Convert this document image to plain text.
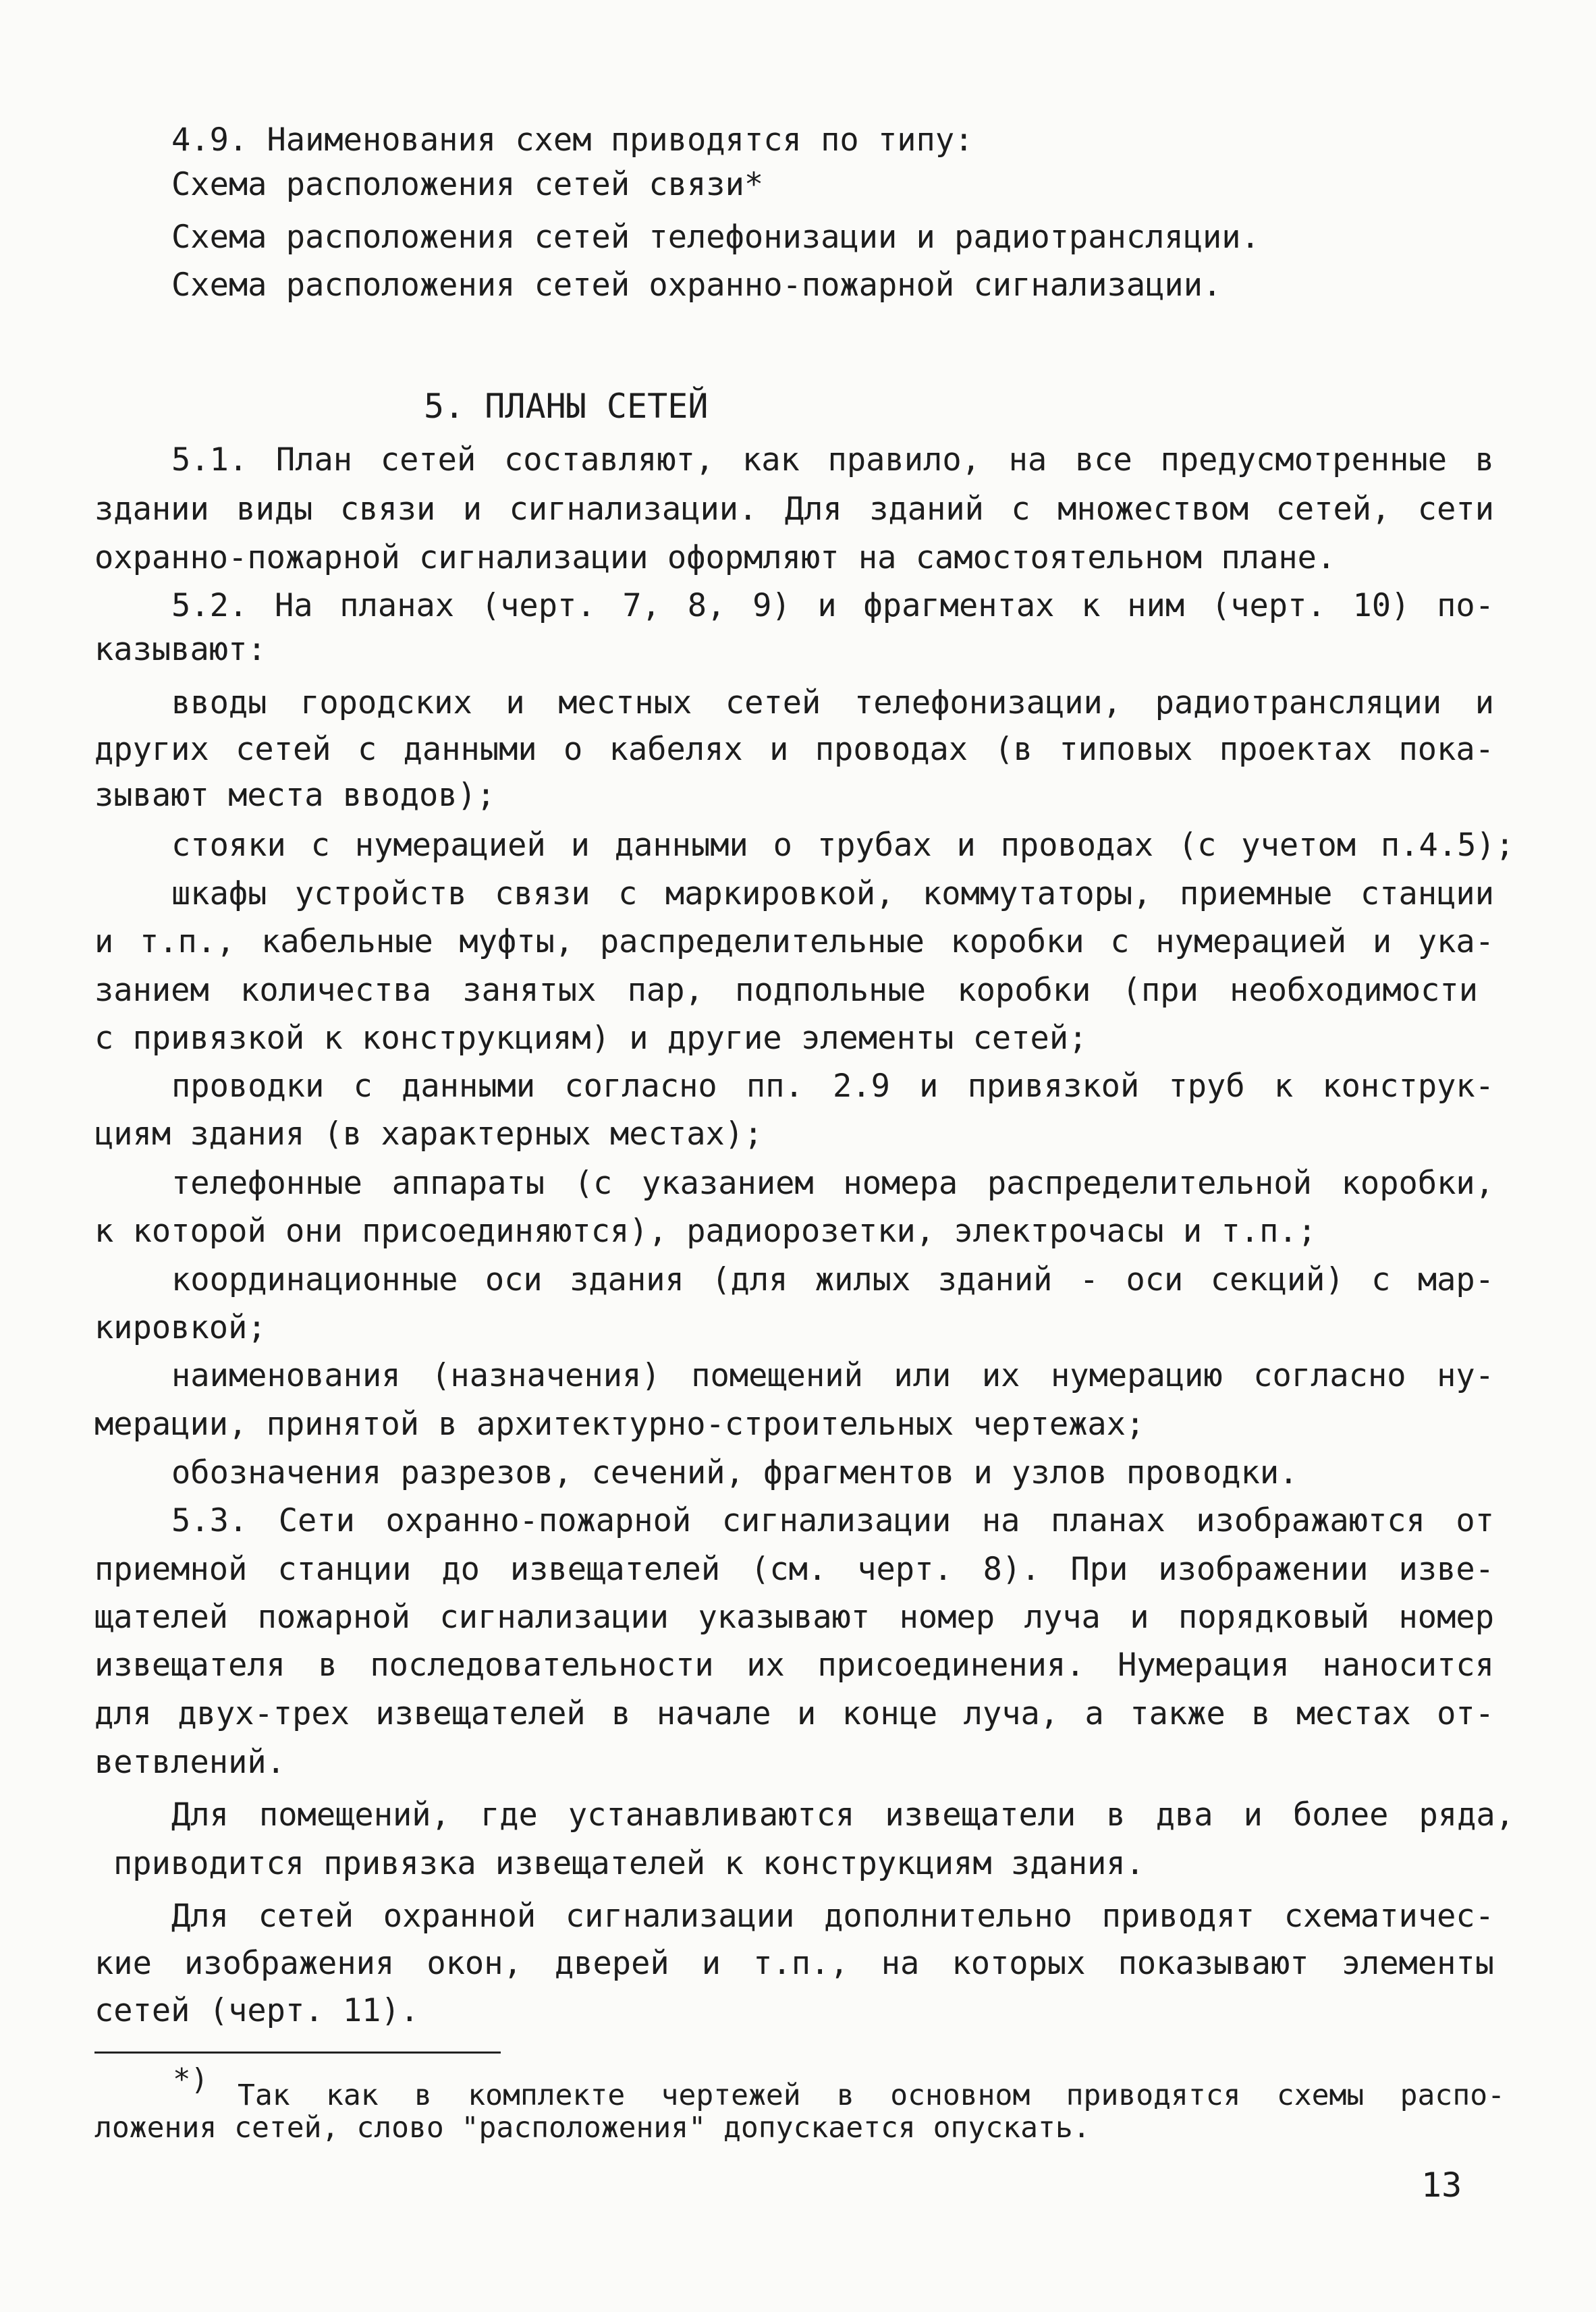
4.9. Наименования схем приводятся по типу:
Схема расположения сетей связи*
Схема расположения сетей телефонизации и радиотрансляции.
Схема расположения сетей охранно-пожарной сигнализации.
5. ПЛАНЫ СЕТЕЙ
5.1. План сетей составляют, как правило, на все предусмотренные в
здании виды связи и сигнализации. Для зданий с множеством сетей, сети
охранно-пожарной сигнализации оформляют на самостоятельном плане.
5.2. На планах (черт. 7, 8, 9) и фрагментах к ним (черт. 10) по-
казывают:
вводы городских и местных сетей телефонизации, радиотрансляции и
других сетей с данными о кабелях и проводах (в типовых проектах пока-
зывают места вводов);
стояки с нумерацией и данными о трубах и проводах (с учетом п.4.5);
шкафы устройств связи с маркировкой, коммутаторы, приемные станции
и т.п., кабельные муфты, распределительные коробки с нумерацией и ука-
занием количества занятых пар, подпольные коробки (при необходимости
с привязкой к конструкциям) и другие элементы сетей;
проводки с данными согласно пп. 2.9 и привязкой труб к конструк-
циям здания (в характерных местах);
телефонные аппараты (с указанием номера распределительной коробки,
к которой они присоединяются), радиорозетки, электрочасы и т.п.;
координационные оси здания (для жилых зданий - оси секций) с мар-
кировкой;
наименования (назначения) помещений или их нумерацию согласно ну-
мерации, принятой в архитектурно-строительных чертежах;
обозначения разрезов, сечений, фрагментов и узлов проводки.
5.3. Сети охранно-пожарной сигнализации на планах изображаются от
приемной станции до извещателей (см. черт. 8). При изображении изве-
щателей пожарной сигнализации указывают номер луча и порядковый номер
извещателя в последовательности их присоединения. Нумерация наносится
для двух-трех извещателей в начале и конце луча, а также в местах от-
ветвлений.
Для помещений, где устанавливаются извещатели в два и более ряда,
приводится привязка извещателей к конструкциям здания.
Для сетей охранной сигнализации дополнительно приводят схематичес-
кие изображения окон, дверей и т.п., на которых показывают элементы
сетей (черт. 11).
*) Так как в комплекте чертежей в основном приводятся схемы распо-
ложения сетей, слово "расположения" допускается опускать.
13
